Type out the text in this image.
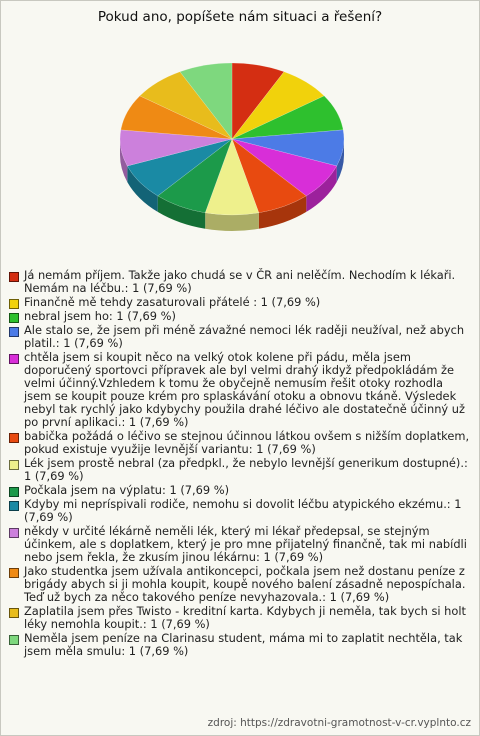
Pokud ano, popíšete nám situaci a řešení?
Já nemám příjem. Takže jako chudá se v ČR ani nelěčím. Nechodím k lékaři. Nemám na léčbu.: 1 (7,69 %)
Finančně mě tehdy zasaturovali přátelé : 1 (7,69 %)
nebral jsem ho: 1 (7,69 %)
Ale stalo se, že jsem při méně závažné nemoci lék raději neužíval, než abych platil.: 1 (7,69 %)
chtěla jsem si koupit něco na velký otok kolene při pádu, měla jsem doporučený sportovci přípravek ale byl velmi drahý ikdyž předpokládám že velmi účinný.Vzhledem k tomu že obyčejně nemusím řešit otoky rozhodla jsem se koupit pouze krém pro splaskávání otoku a obnovu tkáně. Výsledek nebyl tak rychlý jako kdybychy použila drahé léčivo ale dostatečně účinný už po první aplikaci.: 1 (7,69 %)
babička požádá o léčivo se stejnou účinnou látkou ovšem s nižším doplatkem, pokud existuje využije levnější variantu: 1 (7,69 %)
Lék jsem prostě nebral (za předpkl., že nebylo levnější generikum dostupné).: 1 (7,69 %)
Počkala jsem na výplatu: 1 (7,69 %)
Kdyby mi nepríspivali rodiče, nemohu si dovolit léčbu atypického ekzému.: 1 (7,69 %)
někdy v určité lékárně neměli lék, který mi lékař předepsal, se stejným účinkem, ale s doplatkem, který je pro mne přijatelný finančně, tak mi nabídli nebo jsem řekla, že zkusím jinou lékárnu: 1 (7,69 %)
Jako studentka jsem užívala antikoncepci, počkala jsem než dostanu peníze z brigády abych si ji mohla koupit, koupě nového balení zásadně nepospíchala. Teď už bych za něco takového peníze nevyhazovala.: 1 (7,69 %)
Zaplatila jsem přes Twisto - kreditní karta. Kdybych ji neměla, tak bych si holt léky nemohla koupit.: 1 (7,69 %)
Neměla jsem peníze na Clarinasu student, máma mi to zaplatit nechtěla, tak jsem měla smulu: 1 (7,69 %)
zdroj: https://zdravotni-gramotnost-v-cr.vyplnto.cz
